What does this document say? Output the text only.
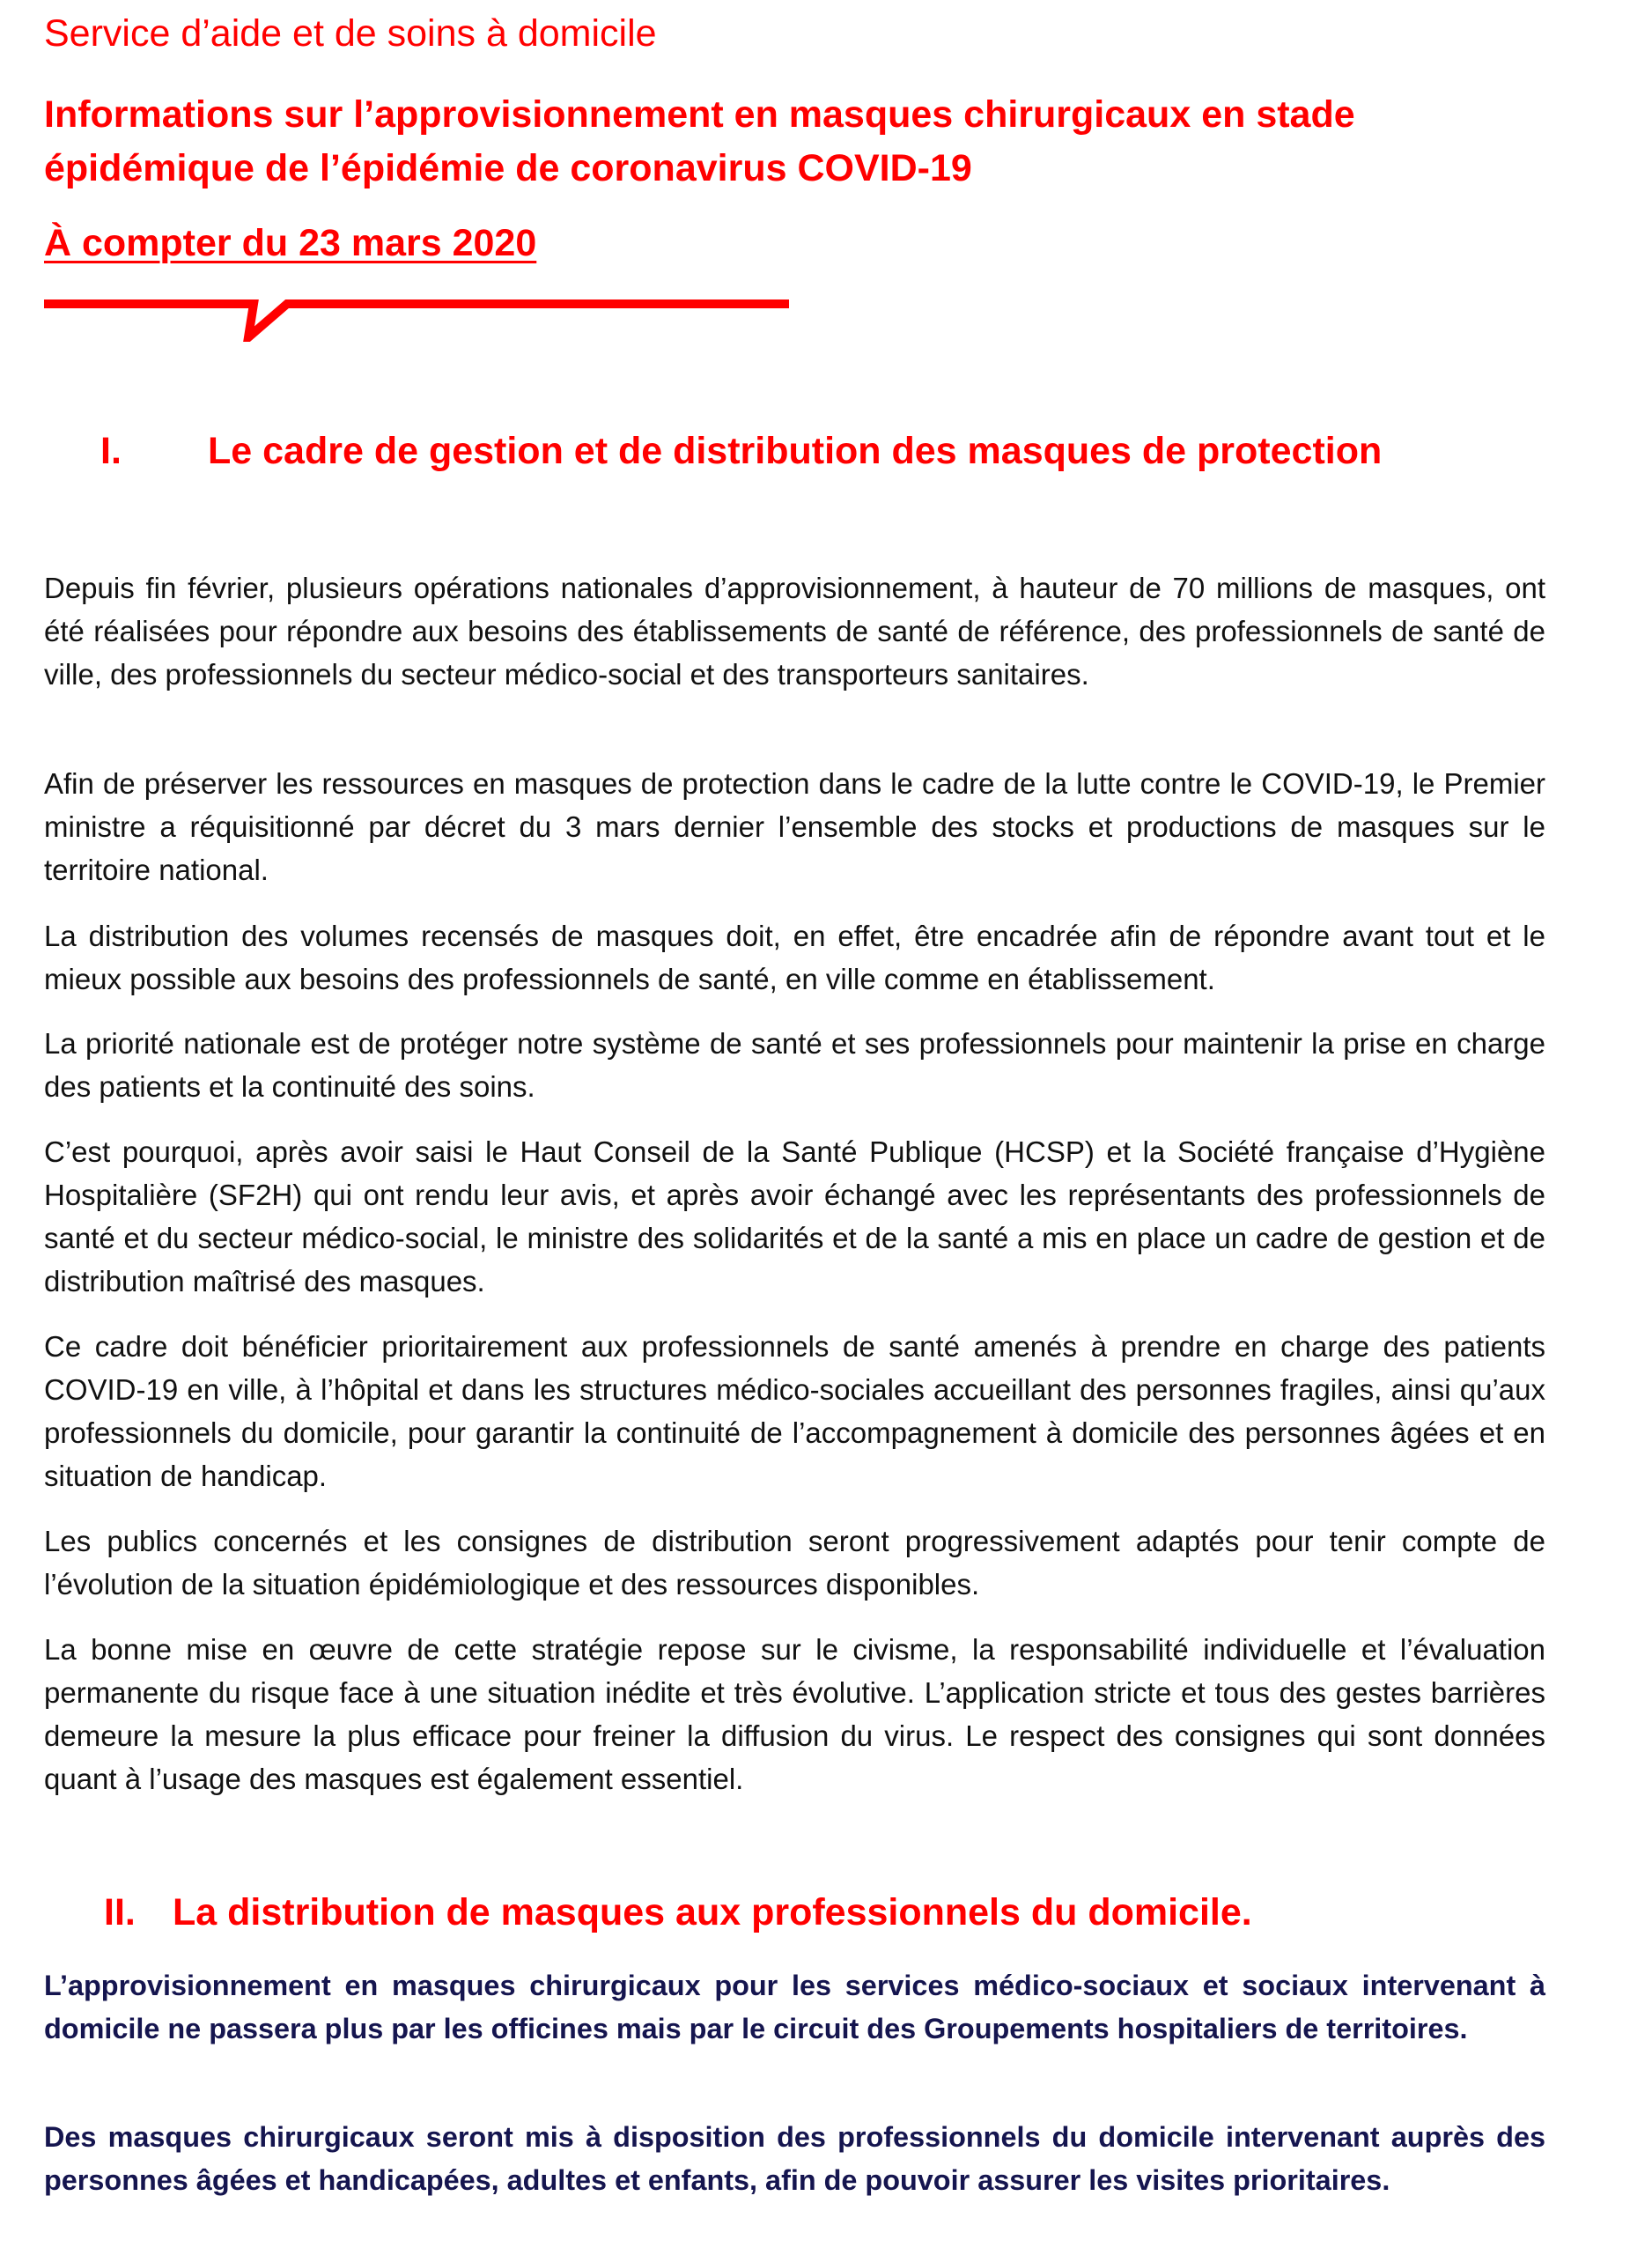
Service d’aide et de soins à domicile
Informations sur l’approvisionnement en masques chirurgicaux en stade épidémique de l’épidémie de coronavirus COVID-19
À compter du 23 mars 2020
I. Le cadre de gestion et de distribution des masques de protection

Depuis fin février, plusieurs opérations nationales d’approvisionnement, à hauteur de 70 millions de masques, ont été réalisées pour répondre aux besoins des établissements de santé de référence, des professionnels de santé de ville, des professionnels du secteur médico-social et des transporteurs sanitaires.

Afin de préserver les ressources en masques de protection dans le cadre de la lutte contre le COVID-19, le Premier ministre a réquisitionné par décret du 3 mars dernier l’ensemble des stocks et productions de masques sur le territoire national.

La distribution des volumes recensés de masques doit, en effet, être encadrée afin de répondre avant tout et le mieux possible aux besoins des professionnels de santé, en ville comme en établissement.

La priorité nationale est de protéger notre système de santé et ses professionnels pour maintenir la prise en charge des patients et la continuité des soins.

C’est pourquoi, après avoir saisi le Haut Conseil de la Santé Publique (HCSP) et la Société française d’Hygiène Hospitalière (SF2H) qui ont rendu leur avis, et après avoir échangé avec les représentants des professionnels de santé et du secteur médico-social, le ministre des solidarités et de la santé a mis en place un cadre de gestion et de distribution maîtrisé des masques.

Ce cadre doit bénéficier prioritairement aux professionnels de santé amenés à prendre en charge des patients COVID-19 en ville, à l’hôpital et dans les structures médico-sociales accueillant des personnes fragiles, ainsi qu’aux professionnels du domicile, pour garantir la continuité de l’accompagnement à domicile des personnes âgées et en situation de handicap.

Les publics concernés et les consignes de distribution seront progressivement adaptés pour tenir compte de l’évolution de la situation épidémiologique et des ressources disponibles.

La bonne mise en œuvre de cette stratégie repose sur le civisme, la responsabilité individuelle et l’évaluation permanente du risque face à une situation inédite et très évolutive. L’application stricte et tous des gestes barrières demeure la mesure la plus efficace pour freiner la diffusion du virus. Le respect des consignes qui sont données quant à l’usage des masques est également essentiel.

II. La distribution de masques aux professionnels du domicile.

L’approvisionnement en masques chirurgicaux pour les services médico-sociaux et sociaux intervenant à domicile ne passera plus par les officines mais par le circuit des Groupements hospitaliers de territoires.

Des masques chirurgicaux seront mis à disposition des professionnels du domicile intervenant auprès des personnes âgées et handicapées, adultes et enfants, afin de pouvoir assurer les visites prioritaires.
